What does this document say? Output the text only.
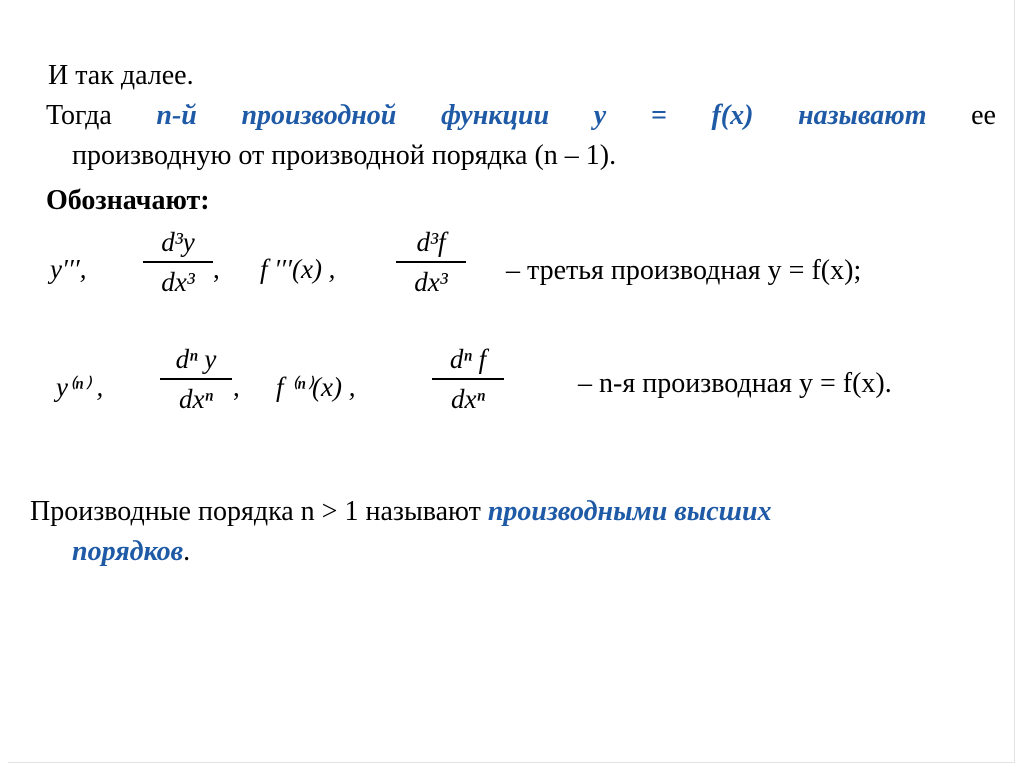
И так далее.
Тогда n-й производной функции y = f(x) называют ее
производную от производной порядка (n – 1).
Обозначают:
y′′′,
d³y
dx³ , f ′′′(x) ,
d³f
dx³	– третья производная y = f(x);
y⁽ⁿ⁾ ,
dⁿ y
dxⁿ , f ⁽ⁿ⁾(x) ,
dⁿ f
dxⁿ	– n-я производная y = f(x).
Производные порядка n > 1 называют производными высших
порядков.
